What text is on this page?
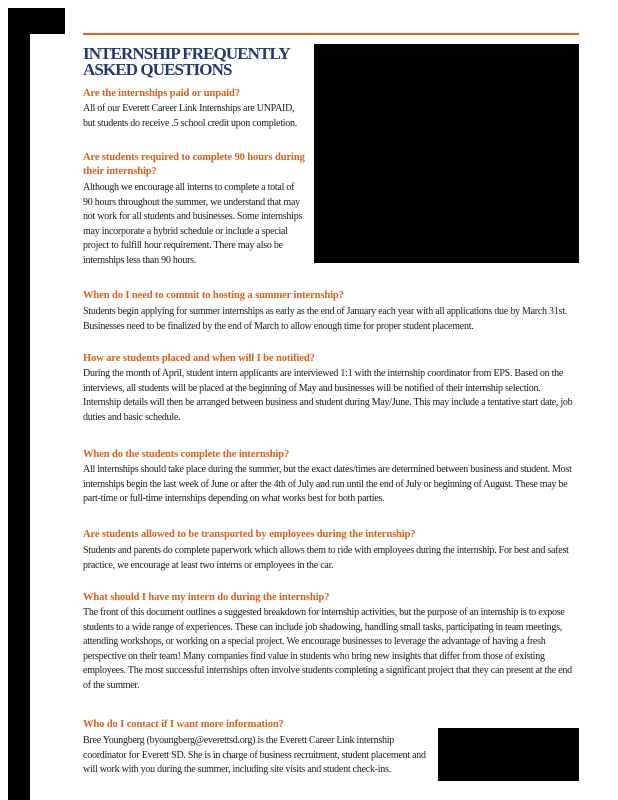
INTERNSHIP FREQUENTLY ASKED QUESTIONS

Are the internships paid or unpaid?

All of our Everett Career Link Internships are UNPAID, but students do receive .5 school credit upon completion.

Are students required to complete 90 hours during their internship?

Although we encourage all interns to complete a total of 90 hours throughout the summer, we understand that may not work for all students and businesses. Some internships may incorporate a hybrid schedule or include a special project to fulfill hour requirement. There may also be internships less than 90 hours.

When do I need to commit to hosting a summer internship?

Students begin applying for summer internships as early as the end of January each year with all applications due by March 31st. Businesses need to be finalized by the end of March to allow enough time for proper student placement.

How are students placed and when will I be notified?

During the month of April, student intern applicants are interviewed 1:1 with the internship coordinator from EPS. Based on the interviews, all students will be placed at the beginning of May and businesses will be notified of their internship selection. Internship details will then be arranged between business and student during May/June. This may include a tentative start date, job duties and basic schedule.

When do the students complete the internship?

All internships should take place during the summer, but the exact dates/times are determined between business and student. Most internships begin the last week of June or after the 4th of July and run until the end of July or beginning of August. These may be part-time or full-time internships depending on what works best for both parties.

Are students allowed to be transported by employees during the internship?

Students and parents do complete paperwork which allows them to ride with employees during the internship. For best and safest practice, we encourage at least two interns or employees in the car.

What should I have my intern do during the internship?

The front of this document outlines a suggested breakdown for internship activities, but the purpose of an internship is to expose students to a wide range of experiences. These can include job shadowing, handling small tasks, participating in team meetings, attending workshops, or working on a special project. We encourage businesses to leverage the advantage of having a fresh perspective on their team! Many companies find value in students who bring new insights that differ from those of existing employees. The most successful internships often involve students completing a significant project that they can present at the end of the summer.

Who do I contact if I want more information?

Bree Youngberg (byoungberg@everettsd.org) is the Everett Career Link internship coordinator for Everett SD. She is in charge of business recruitment, student placement and will work with you during the summer, including site visits and student check-ins.
